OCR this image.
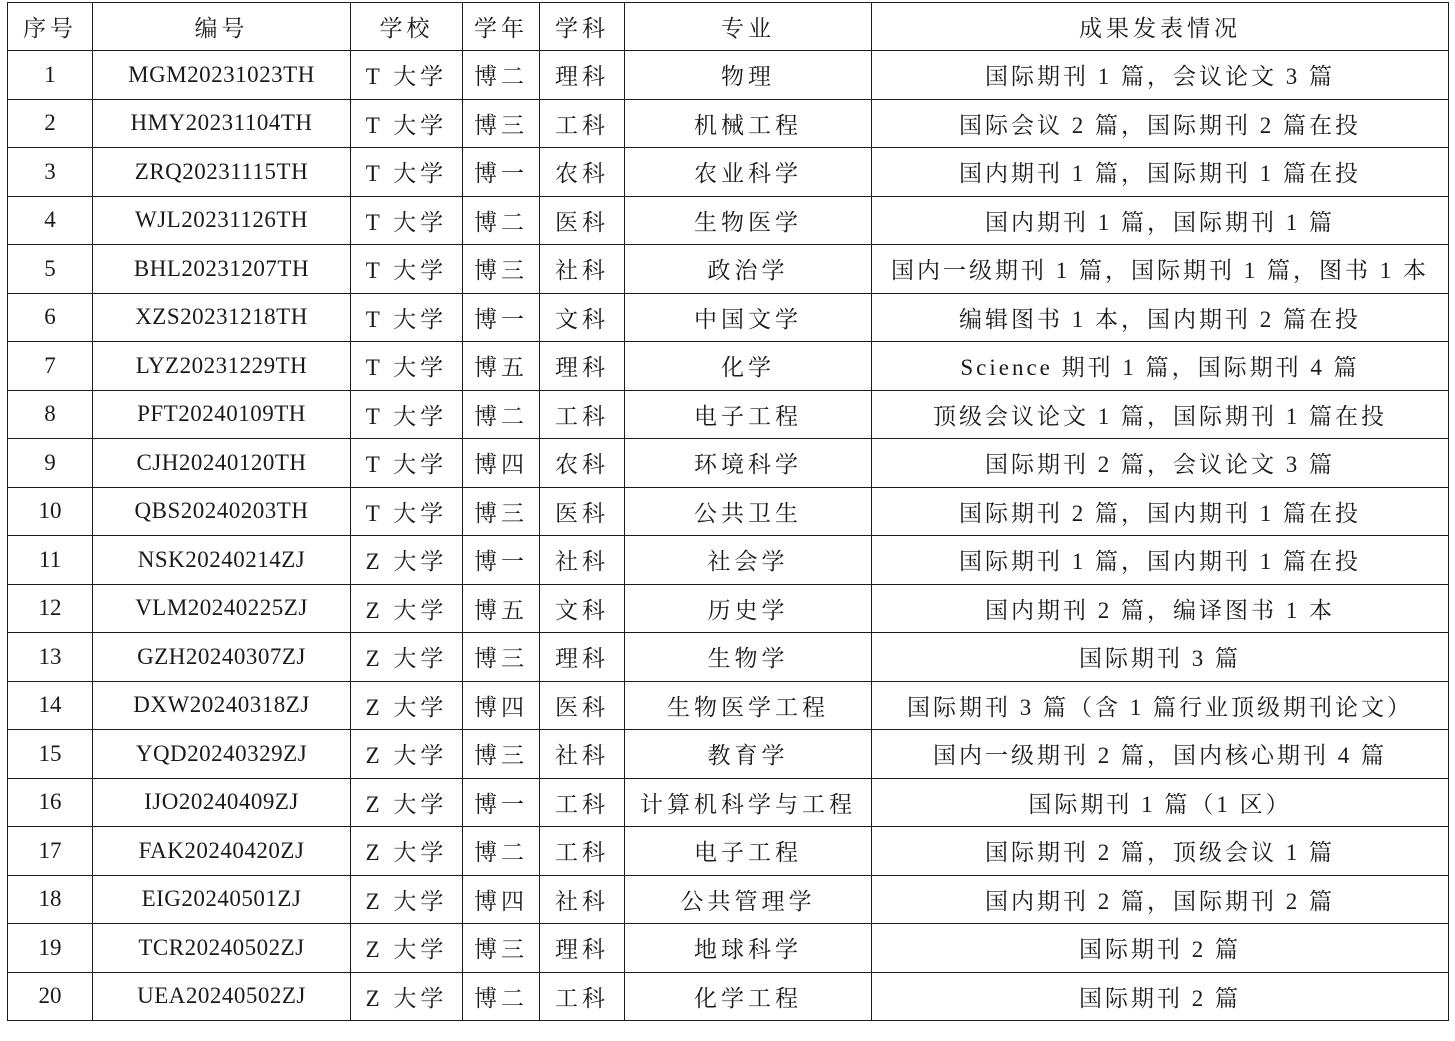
序号	编号	学校	学年	学科	专业	成果发表情况
1	MGM20231023TH	T 大学	博二	理科	物理	国际期刊 1 篇，会议论文 3 篇
2	HMY20231104TH	T 大学	博三	工科	机械工程	国际会议 2 篇，国际期刊 2 篇在投
3	ZRQ20231115TH	T 大学	博一	农科	农业科学	国内期刊 1 篇，国际期刊 1 篇在投
4	WJL20231126TH	T 大学	博二	医科	生物医学	国内期刊 1 篇，国际期刊 1 篇
5	BHL20231207TH	T 大学	博三	社科	政治学	国内一级期刊 1 篇，国际期刊 1 篇，图书 1 本
6	XZS20231218TH	T 大学	博一	文科	中国文学	编辑图书 1 本，国内期刊 2 篇在投
7	LYZ20231229TH	T 大学	博五	理科	化学	Science 期刊 1 篇，国际期刊 4 篇
8	PFT20240109TH	T 大学	博二	工科	电子工程	顶级会议论文 1 篇，国际期刊 1 篇在投
9	CJH20240120TH	T 大学	博四	农科	环境科学	国际期刊 2 篇，会议论文 3 篇
10	QBS20240203TH	T 大学	博三	医科	公共卫生	国际期刊 2 篇，国内期刊 1 篇在投
11	NSK20240214ZJ	Z 大学	博一	社科	社会学	国际期刊 1 篇，国内期刊 1 篇在投
12	VLM20240225ZJ	Z 大学	博五	文科	历史学	国内期刊 2 篇，编译图书 1 本
13	GZH20240307ZJ	Z 大学	博三	理科	生物学	国际期刊 3 篇
14	DXW20240318ZJ	Z 大学	博四	医科	生物医学工程	国际期刊 3 篇（含 1 篇行业顶级期刊论文）
15	YQD20240329ZJ	Z 大学	博三	社科	教育学	国内一级期刊 2 篇，国内核心期刊 4 篇
16	IJO20240409ZJ	Z 大学	博一	工科	计算机科学与工程	国际期刊 1 篇（1 区）
17	FAK20240420ZJ	Z 大学	博二	工科	电子工程	国际期刊 2 篇，顶级会议 1 篇
18	EIG20240501ZJ	Z 大学	博四	社科	公共管理学	国内期刊 2 篇，国际期刊 2 篇
19	TCR20240502ZJ	Z 大学	博三	理科	地球科学	国际期刊 2 篇
20	UEA20240502ZJ	Z 大学	博二	工科	化学工程	国际期刊 2 篇
